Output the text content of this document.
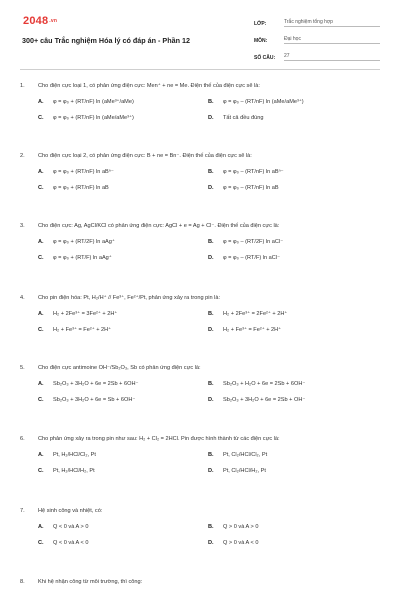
2048.vn
300+ câu Trắc nghiệm Hóa lý có đáp án - Phần 12
LỚP:	Trắc nghiệm tổng hợp
MÔN:	Đại học
SỐ CÂU:	27
1.	Cho điện cực loại 1, có phản ứng điện cực: Men⁺ + ne = Me. Điện thế của điện cực sẽ là:
A.	φ = φ₀ + (RT/nF) ln (aMe³⁺/aMe)	B.	φ = φ₀ – (RT/nF) ln (aMe/aMe³⁺)
C.	φ = φ₀ + (RT/nF) ln (aMe/aMe³⁺)	D.	Tất cả đều đúng
2.	Cho điện cực loại 2, có phản ứng điện cực: B + ne = Bn⁻. Điện thế của điện cực sẽ là:
A.	φ = φ₀ + (RT/nF) ln aBⁿ⁻	B.	φ = φ₀ – (RT/nF) ln aBⁿ⁻
C.	φ = φ₀ + (RT/nF) ln aB	D.	φ = φ₀ – (RT/nF) ln aB
3.	Cho điện cực: Ag, AgCl/KCl có phản ứng điện cực: AgCl + e = Ag + Cl⁻. Điện thế của điện cực là:
A.	φ = φ₀ + (RT/2F) ln aAg⁺	B.	φ = φ₀ – (RT/2F) ln aCl⁻
C.	φ = φ₀ + (RT/F) ln aAg⁺	D.	φ = φ₀ – (RT/F) ln aCl⁻
4.	Cho pin điện hóa: Pt, H₂/H⁺ // Fe³⁺, Fe²⁺/Pt, phản ứng xảy ra trong pin là:
A.	H₂ + 2Fe³⁺ = 3Fe²⁺ + 2H⁺	B.	H₂ + 2Fe³⁺ = 2Fe²⁺ + 2H⁺
C.	H₂ + Fe³⁺ = Fe²⁺ + 2H⁺	D.	H₂ + Fe³⁺ = Fe²⁺ + 2H⁺
5.	Cho điện cực antimoine OH⁻/Sb₂O₃, Sb có phản ứng điện cực là:
A.	Sb₂O₃ + 3H₂O + 6e = 2Sb + 6OH⁻	B.	Sb₂O₃ + H₂O + 6e = 2Sb + 6OH⁻
C.	Sb₂O₃ + 3H₂O + 6e = Sb + 6OH⁻	D.	Sb₂O₃ + 3H₂O + 6e = 2Sb + OH⁻
6.	Cho phản ứng xảy ra trong pin như sau: H₂ + Cl₂ = 2HCl. Pin được hình thành từ các điện cực là:
A.	Pt, H₂/HCl/Cl₂, Pt	B.	Pt, Cl₂/HCl/Cl₂, Pt
C.	Pt, H₂/HCl/H₂, Pt	D.	Pt, Cl₂/HCl/H₂, Pt
7.	Hệ sinh công và nhiệt, có:
A.	Q < 0 và A > 0	B.	Q > 0 và A > 0
C.	Q < 0 và A < 0	D.	Q > 0 và A < 0
8.	Khi hệ nhận công từ môi trường, thì công:
